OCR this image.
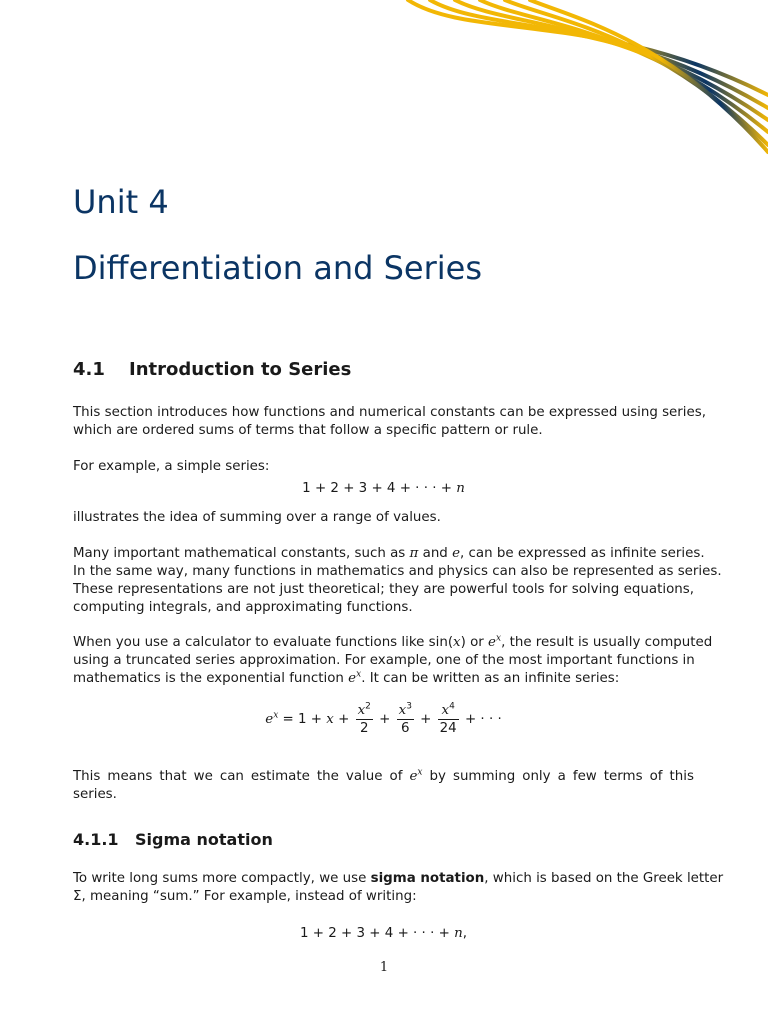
Unit 4
Differentiation and Series
4.1 Introduction to Series

This section introduces how functions and numerical constants can be expressed using series,
which are ordered sums of terms that follow a specific pattern or rule.

For example, a simple series:

1 + 2 + 3 + 4 + · · · + n

illustrates the idea of summing over a range of values.

Many important mathematical constants, such as π and e, can be expressed as infinite series.
In the same way, many functions in mathematics and physics can also be represented as series.
These representations are not just theoretical; they are powerful tools for solving equations,
computing integrals, and approximating functions.

When you use a calculator to evaluate functions like sin(x) or $e^x$, the result is usually computed
using a truncated series approximation. For example, one of the most important functions in
mathematics is the exponential function $e^x$. It can be written as an infinite series:

$e^x = 1 + x + \frac{x^2}{2} + \frac{x^3}{6} + \frac{x^4}{24}$ + · · ·

This means that we can estimate the value of $e^x$ by summing only a few terms of this series.

4.1.1 Sigma notation

To write long sums more compactly, we use sigma notation, which is based on the Greek letter
Σ, meaning “sum.” For example, instead of writing:

1 + 2 + 3 + 4 + · · · + n,
1
